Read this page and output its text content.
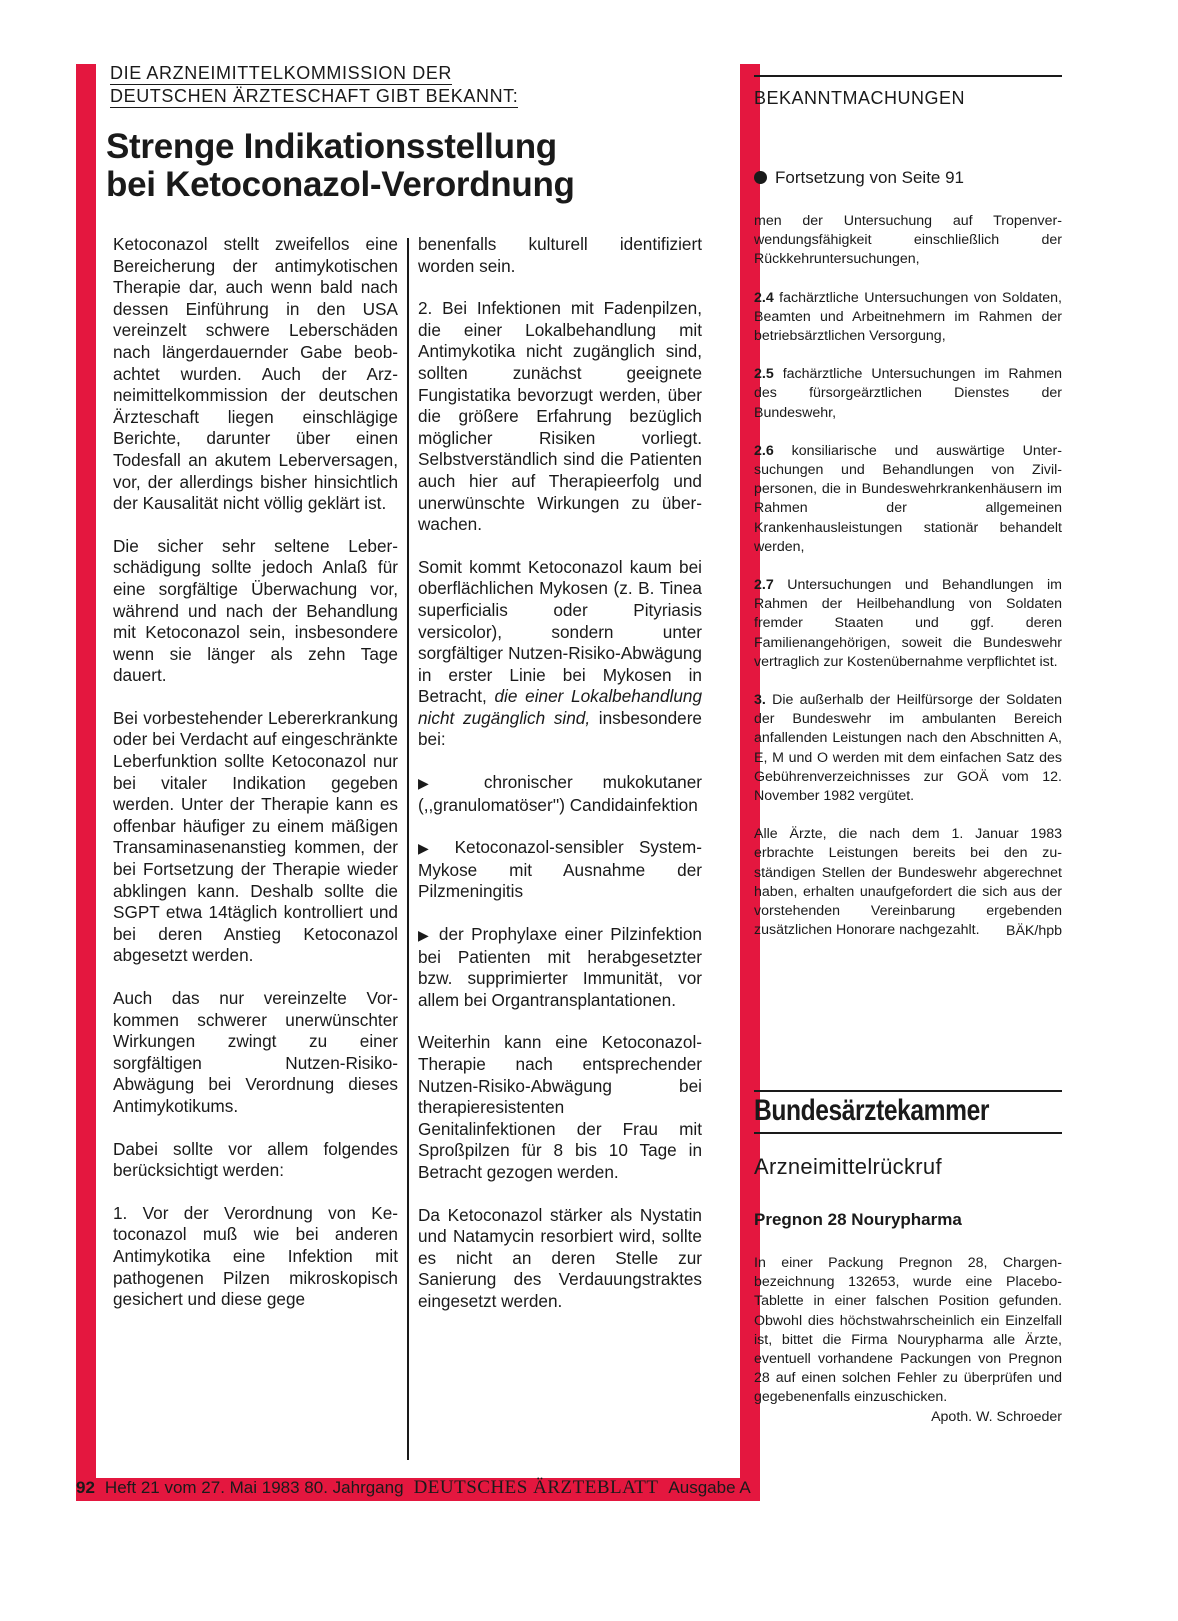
DIE ARZNEIMITTELKOMMISSION DER
DEUTSCHEN ÄRZTESCHAFT GIBT BEKANNT:
Strenge Indikationsstellung
bei Ketoconazol-Verordnung

Ketoconazol stellt zweifellos eine Bereicherung der antimykotischen Therapie dar, auch wenn bald nach dessen Einführung in den USA vereinzelt schwere Leberschäden nach längerdauernder Gabe beobachtet wurden. Auch der Arzneimittelkommission der deutschen Ärzteschaft liegen einschlägige Berichte, darunter über einen Todesfall an akutem Leberversagen, vor, der allerdings bisher hinsichtlich der Kausalität nicht völlig geklärt ist.

Die sicher sehr seltene Leberschädigung sollte jedoch Anlaß für eine sorgfältige Überwachung vor, während und nach der Behandlung mit Ketoconazol sein, insbesondere wenn sie länger als zehn Tage dauert.

Bei vorbestehender Lebererkrankung oder bei Verdacht auf eingeschränkte Leberfunktion sollte Ketoconazol nur bei vitaler Indikation gegeben werden. Unter der Therapie kann es offenbar häufiger zu einem mäßigen Transaminasenanstieg kommen, der bei Fortsetzung der Therapie wieder abklingen kann. Deshalb sollte die SGPT etwa 14täglich kontrolliert und bei deren Anstieg Ketoconazol abgesetzt werden.

Auch das nur vereinzelte Vorkommen schwerer unerwünschter Wirkungen zwingt zu einer sorgfältigen Nutzen-Risiko-Abwägung bei Verordnung dieses Antimykotikums.

Dabei sollte vor allem folgendes berücksichtigt werden:

1. Vor der Verordnung von Ketoconazol muß wie bei anderen Antimykotika eine Infektion mit pathogenen Pilzen mikroskopisch gesichert und diese gege

benenfalls kulturell identifiziert worden sein.

2. Bei Infektionen mit Fadenpilzen, die einer Lokalbehandlung mit Antimykotika nicht zugänglich sind, sollten zunächst geeignete Fungistatika bevorzugt werden, über die größere Erfahrung bezüglich möglicher Risiken vorliegt. Selbstverständlich sind die Patienten auch hier auf Therapieerfolg und unerwünschte Wirkungen zu überwachen.

Somit kommt Ketoconazol kaum bei oberflächlichen Mykosen (z. B. Tinea superficialis oder Pityriasis versicolor), sondern unter sorgfältiger Nutzen-Risiko-Abwägung in erster Linie bei Mykosen in Betracht, die einer Lokalbehandlung nicht zugänglich sind, insbesondere bei:

▶ chronischer mukokutaner (,,granulomatöser'') Candidainfektion

▶ Ketoconazol-sensibler System-Mykose mit Ausnahme der Pilzmeningitis

▶ der Prophylaxe einer Pilzinfektion bei Patienten mit herabgesetzter bzw. supprimierter Immunität, vor allem bei Organtransplantationen.

Weiterhin kann eine Ketoconazol-Therapie nach entsprechender Nutzen-Risiko-Abwägung bei therapieresistenten Genitalinfektionen der Frau mit Sproßpilzen für 8 bis 10 Tage in Betracht gezogen werden.

Da Ketoconazol stärker als Nystatin und Natamycin resorbiert wird, sollte es nicht an deren Stelle zur Sanierung des Verdauungstraktes eingesetzt werden.

BEKANNTMACHUNGEN
Fortsetzung von Seite 91

men der Untersuchung auf Tropenverwendungsfähigkeit einschließlich der Rückkehruntersuchungen,

2.4 fachärztliche Untersuchungen von Soldaten, Beamten und Arbeitnehmern im Rahmen der betriebsärztlichen Versorgung,

2.5 fachärztliche Untersuchungen im Rahmen des fürsorgeärztlichen Dienstes der Bundeswehr,

2.6 konsiliarische und auswärtige Untersuchungen und Behandlungen von Zivilpersonen, die in Bundeswehrkrankenhäusern im Rahmen der allgemeinen Krankenhausleistungen stationär behandelt werden,

2.7 Untersuchungen und Behandlungen im Rahmen der Heilbehandlung von Soldaten fremder Staaten und ggf. deren Familienangehörigen, soweit die Bundeswehr vertraglich zur Kostenübernahme verpflichtet ist.

3. Die außerhalb der Heilfürsorge der Soldaten der Bundeswehr im ambulanten Bereich anfallenden Leistungen nach den Abschnitten A, E, M und O werden mit dem einfachen Satz des Gebührenverzeichnisses zur GOÄ vom 12. November 1982 vergütet.

Alle Ärzte, die nach dem 1. Januar 1983 erbrachte Leistungen bereits bei den zuständigen Stellen der Bundeswehr abgerechnet haben, erhalten unaufgefordert die sich aus der vorstehenden Vereinbarung ergebenden zusätzlichen Honorare nachgezahlt.	BÄK/hpb

Bundesärztekammer
Arzneimittelrückruf
Pregnon 28 Nourypharma

In einer Packung Pregnon 28, Chargenbezeichnung 132653, wurde eine Placebo-Tablette in einer falschen Position gefunden. Obwohl dies höchstwahrscheinlich ein Einzelfall ist, bittet die Firma Nourypharma alle Ärzte, eventuell vorhandene Packungen von Pregnon 28 auf einen solchen Fehler zu überprüfen und gegebenenfalls einzuschicken.

Apoth. W. Schroeder
92 Heft 21 vom 27. Mai 1983 80. Jahrgang DEUTSCHES ÄRZTEBLATT Ausgabe A
